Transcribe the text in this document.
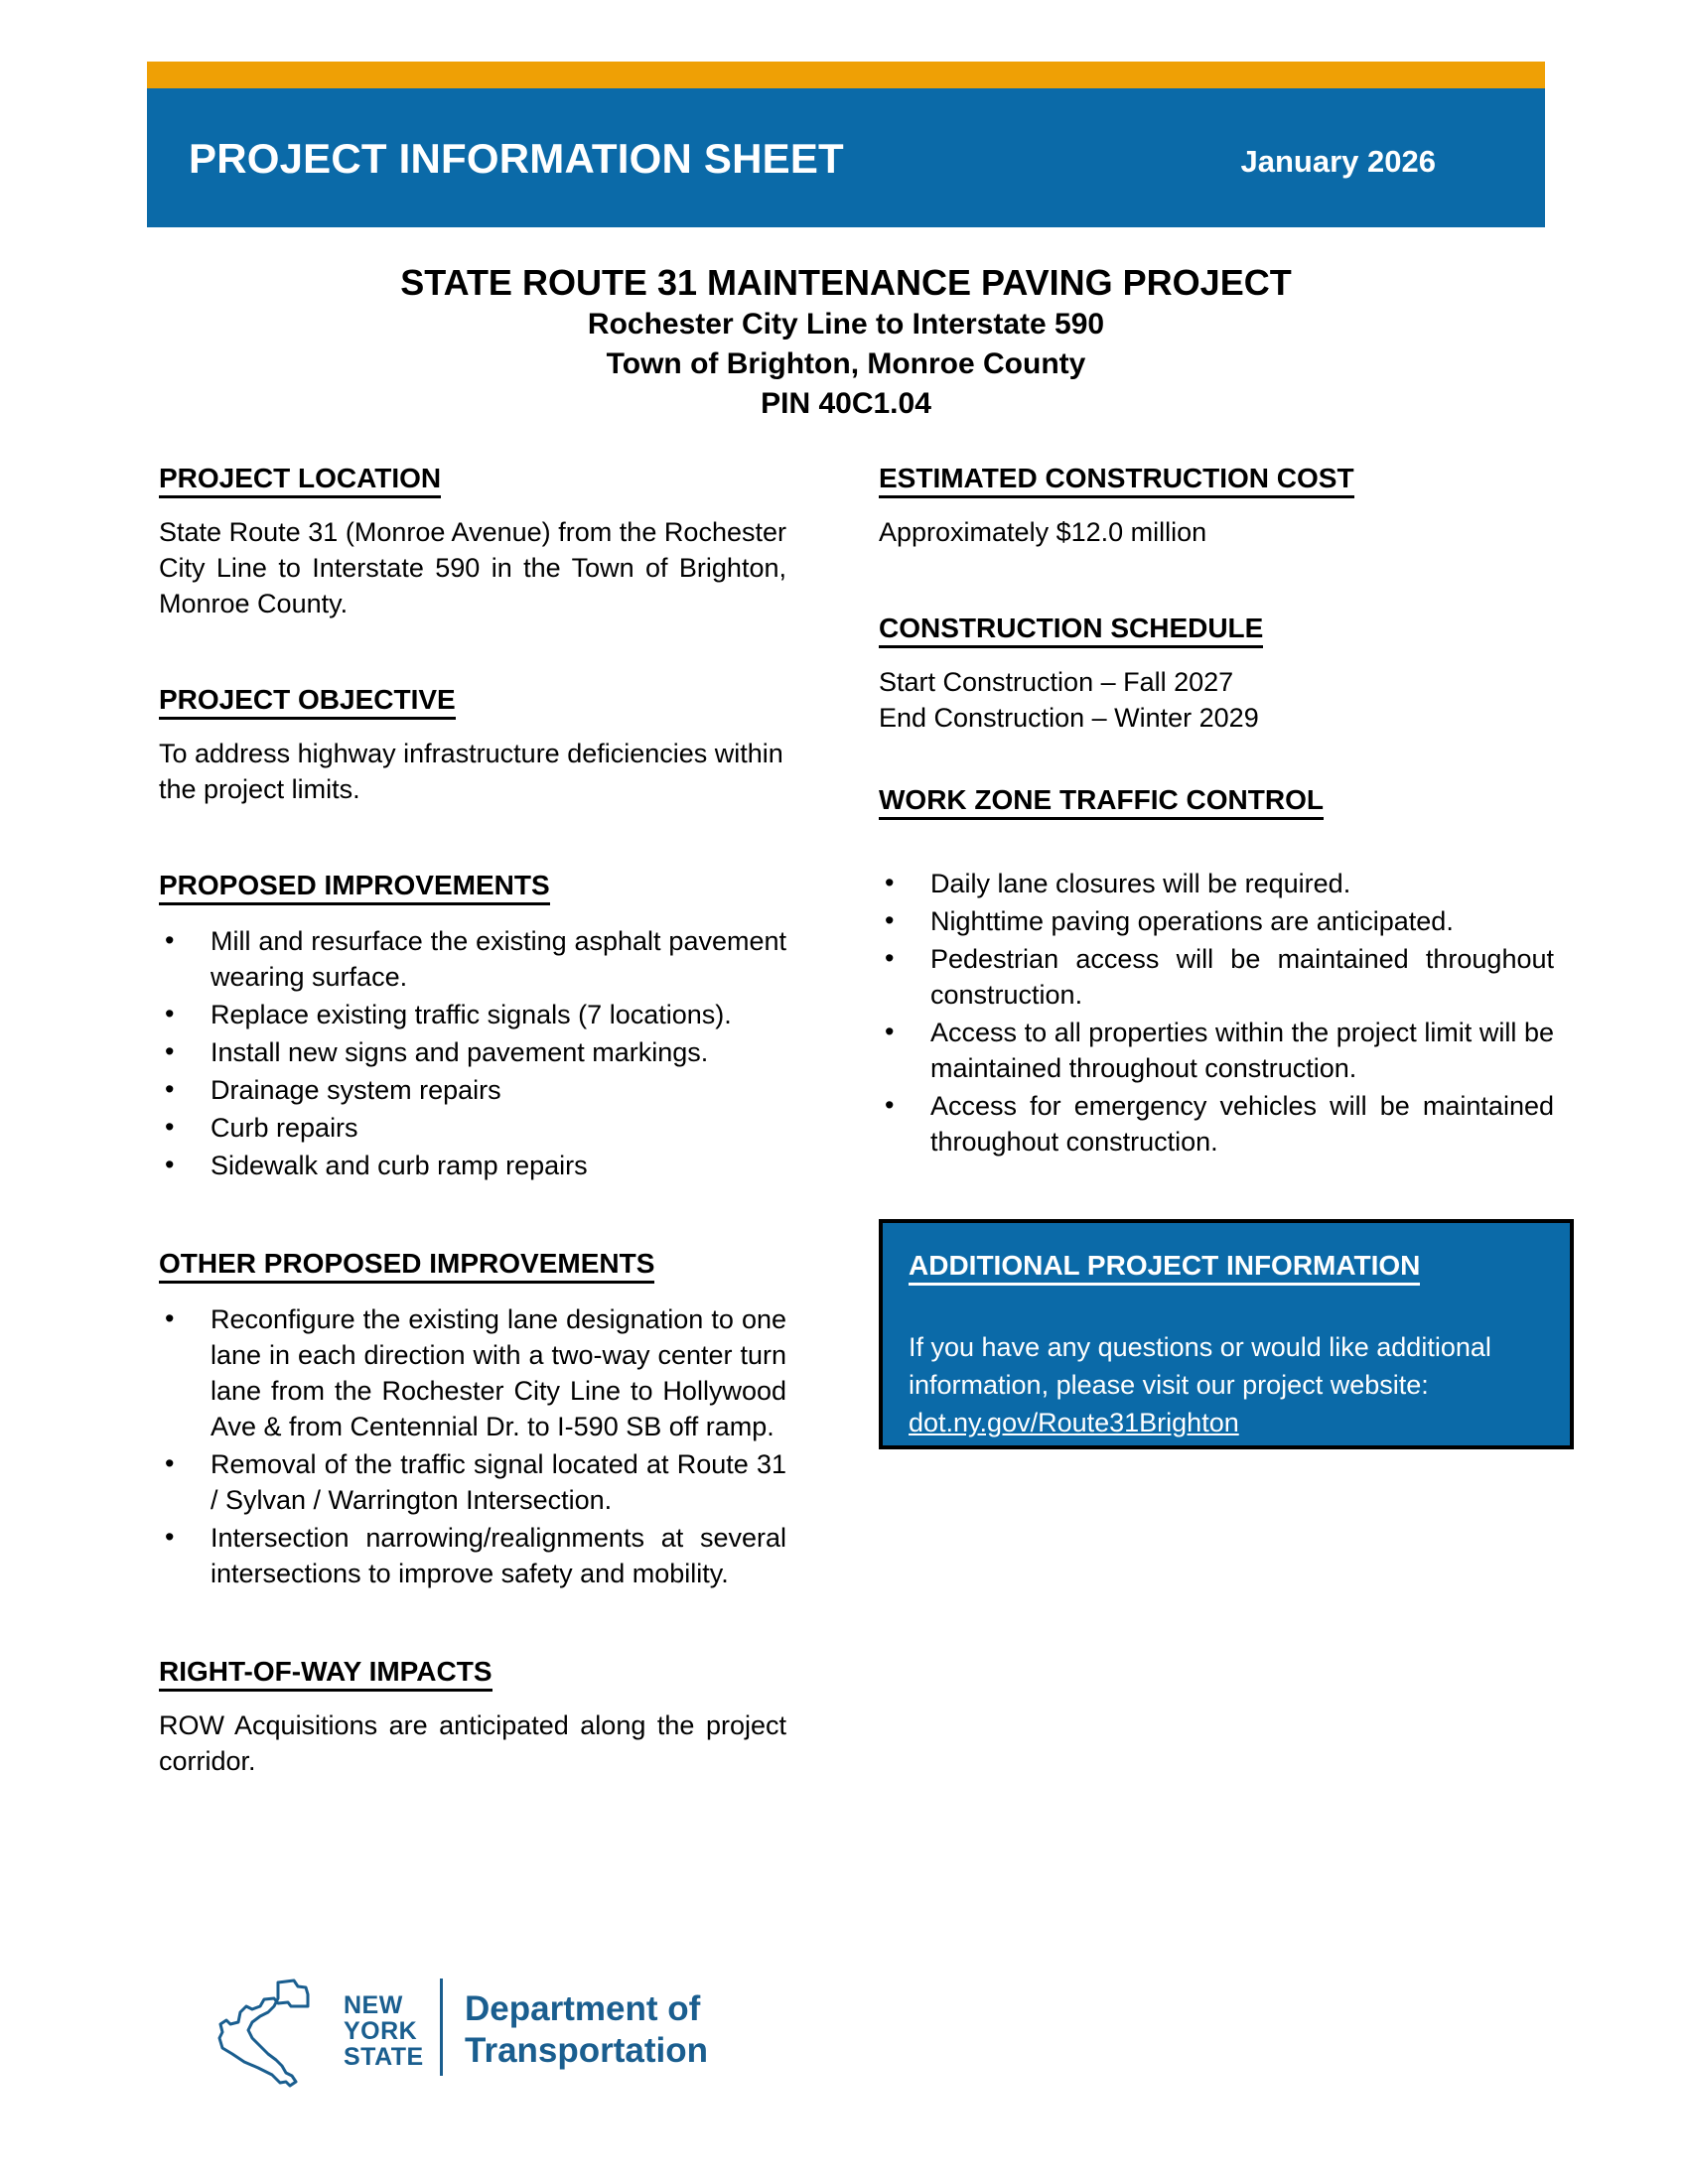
PROJECT INFORMATION SHEET	January 2026
STATE ROUTE 31 MAINTENANCE PAVING PROJECT
Rochester City Line to Interstate 590
Town of Brighton, Monroe County
PIN 40C1.04
PROJECT LOCATION

State Route 31 (Monroe Avenue) from the Rochester City Line to Interstate 590 in the Town of Brighton, Monroe County.

PROJECT OBJECTIVE

To address highway infrastructure deficiencies within the project limits.

PROPOSED IMPROVEMENTS
• Mill and resurface the existing asphalt pavement wearing surface.
• Replace existing traffic signals (7 locations).
• Install new signs and pavement markings.
• Drainage system repairs
• Curb repairs
• Sidewalk and curb ramp repairs
OTHER PROPOSED IMPROVEMENTS
• Reconfigure the existing lane designation to one lane in each direction with a two-way center turn lane from the Rochester City Line to Hollywood Ave & from Centennial Dr. to I-590 SB off ramp.
• Removal of the traffic signal located at Route 31 / Sylvan / Warrington Intersection.
• Intersection narrowing/realignments at several intersections to improve safety and mobility.
RIGHT-OF-WAY IMPACTS

ROW Acquisitions are anticipated along the project corridor.

ESTIMATED CONSTRUCTION COST

Approximately $12.0 million

CONSTRUCTION SCHEDULE

Start Construction – Fall 2027

End Construction – Winter 2029

WORK ZONE TRAFFIC CONTROL
• Daily lane closures will be required.
• Nighttime paving operations are anticipated.
• Pedestrian access will be maintained throughout construction.
• Access to all properties within the project limit will be maintained throughout construction.
• Access for emergency vehicles will be maintained throughout construction.
ADDITIONAL PROJECT INFORMATION
If you have any questions or would like additional information, please visit our project website:  dot.ny.gov/Route31Brighton
NEW
YORK
STATE
Department of
Transportation
